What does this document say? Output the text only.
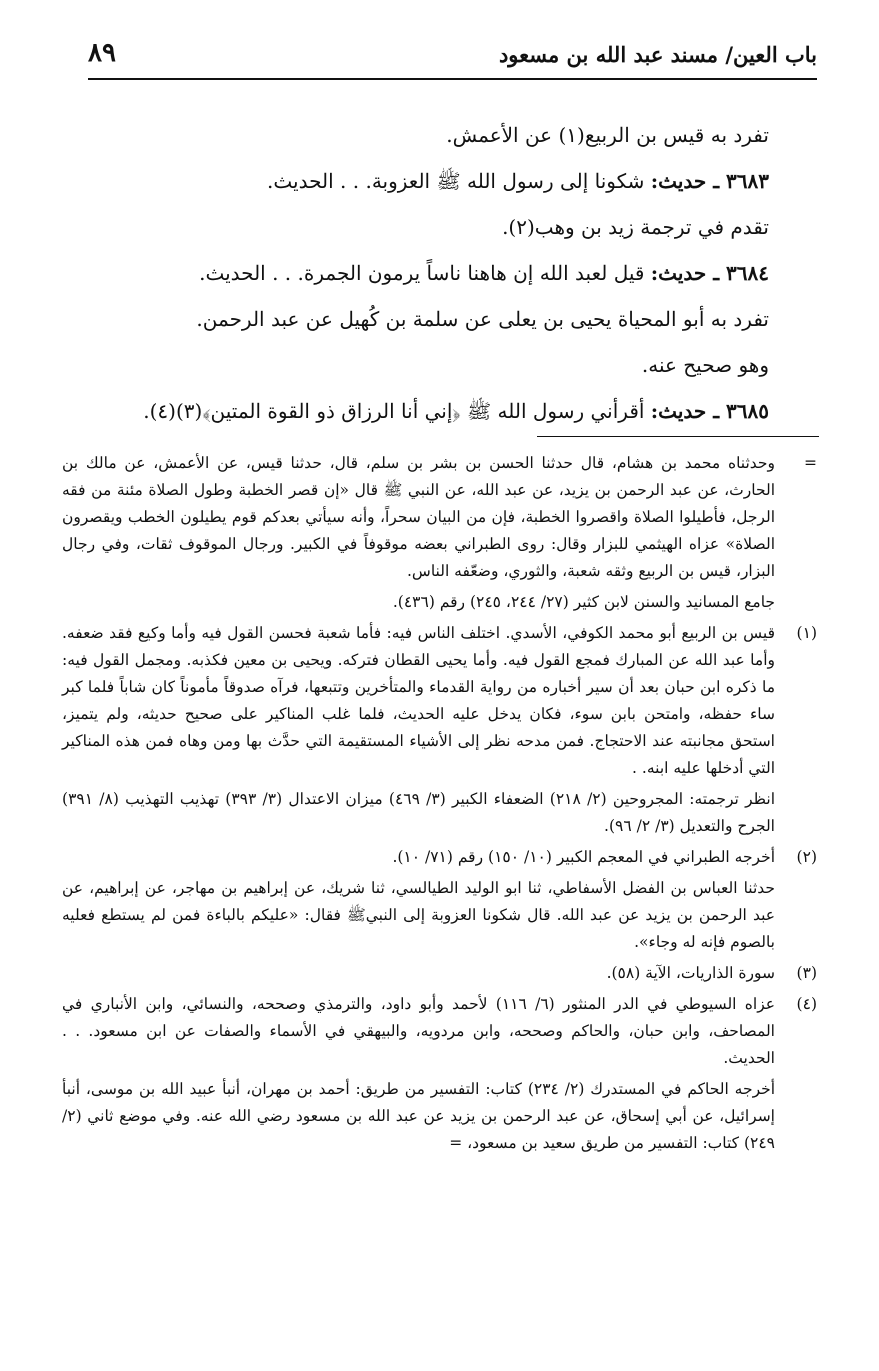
باب العين/ مسند عبد الله بن مسعود
٨٩
تفرد به قيس بن الربيع(١) عن الأعمش.
٣٦٨٣ ـ حديث: شكونا إلى رسول الله ﷺ العزوبة. . . الحديث.
تقدم في ترجمة زيد بن وهب(٢).
٣٦٨٤ ـ حديث: قيل لعبد الله إن هاهنا ناساً يرمون الجمرة. . . الحديث.
تفرد به أبو المحياة يحيى بن يعلى عن سلمة بن كُهيل عن عبد الرحمن.
وهو صحيح عنه.
٣٦٨٥ ـ حديث: أقرأني رسول الله ﷺ ﴿إني أنا الرزاق ذو القوة المتين﴾(٣)(٤).
=

وحدثناه محمد بن هشام، قال حدثنا الحسن بن بشر بن سلم، قال، حدثنا قيس، عن الأعمش، عن مالك بن الحارث، عن عبد الرحمن بن يزيد، عن عبد الله، عن النبي ﷺ قال «إن قصر الخطبة وطول الصلاة مئنة من فقه الرجل، فأطيلوا الصلاة واقصروا الخطبة، فإن من البيان سحراً، وأنه سيأتي بعدكم قوم يطيلون الخطب ويقصرون الصلاة» عزاه الهيثمي للبزار وقال: روى الطبراني بعضه موقوفاً في الكبير. ورجال الموقوف ثقات، وفي رجال البزار، قيس بن الربيع وثقه شعبة، والثوري، وضعّفه الناس.

جامع المسانيد والسنن لابن كثير (٢٧/ ٢٤٤، ٢٤٥) رقم (٤٣٦).

(١)

قيس بن الربيع أبو محمد الكوفي، الأسدي. اختلف الناس فيه: فأما شعبة فحسن القول فيه وأما وكيع فقد ضعفه. وأما عبد الله عن المبارك فمجع القول فيه. وأما يحيى القطان فتركه. ويحيى بن معين فكذبه. ومجمل القول فيه: ما ذكره ابن حبان بعد أن سير أخباره من رواية القدماء والمتأخرين وتتبعها، فرآه صدوقاً مأموناً كان شاباً فلما كبر ساء حفظه، وامتحن بابن سوء، فكان يدخل عليه الحديث، فلما غلب المناكير على صحيح حديثه، ولم يتميز، استحق مجانبته عند الاحتجاج. فمن مدحه نظر إلى الأشياء المستقيمة التي حدَّث بها ومن وهاه فمن هذه المناكير التي أدخلها عليه ابنه. .

انظر ترجمته: المجروحين (٢/ ٢١٨) الضعفاء الكبير (٣/ ٤٦٩) ميزان الاعتدال (٣/ ٣٩٣) تهذيب التهذيب (٨/ ٣٩١) الجرح والتعديل (٣/ ٢/ ٩٦).

(٢)

أخرجه الطبراني في المعجم الكبير (١٠/ ١٥٠) رقم (٧١/ ١٠).

حدثنا العباس بن الفضل الأسفاطي، ثنا ابو الوليد الطيالسي، ثنا شريك، عن إبراهيم بن مهاجر، عن إبراهيم، عن عبد الرحمن بن يزيد عن عبد الله. قال شكونا العزوبة إلى النبيﷺ فقال: «عليكم بالباءة فمن لم يستطع فعليه بالصوم فإنه له وجاء».

(٣)

سورة الذاريات، الآية (٥٨).

(٤)

عزاه السيوطي في الدر المنثور (٦/ ١١٦) لأحمد وأبو داود، والترمذي وصححه، والنسائي، وابن الأنباري في المصاحف، وابن حبان، والحاكم وصححه، وابن مردويه، والبيهقي في الأسماء والصفات عن ابن مسعود. . . الحديث.

أخرجه الحاكم في المستدرك (٢/ ٢٣٤) كتاب: التفسير من طريق: أحمد بن مهران، أنبأ عبيد الله بن موسى، أنبأ إسرائيل، عن أبي إسحاق، عن عبد الرحمن بن يزيد عن عبد الله بن مسعود رضي الله عنه. وفي موضع ثاني (٢/ ٢٤٩) كتاب: التفسير من طريق سعيد بن مسعود، =
